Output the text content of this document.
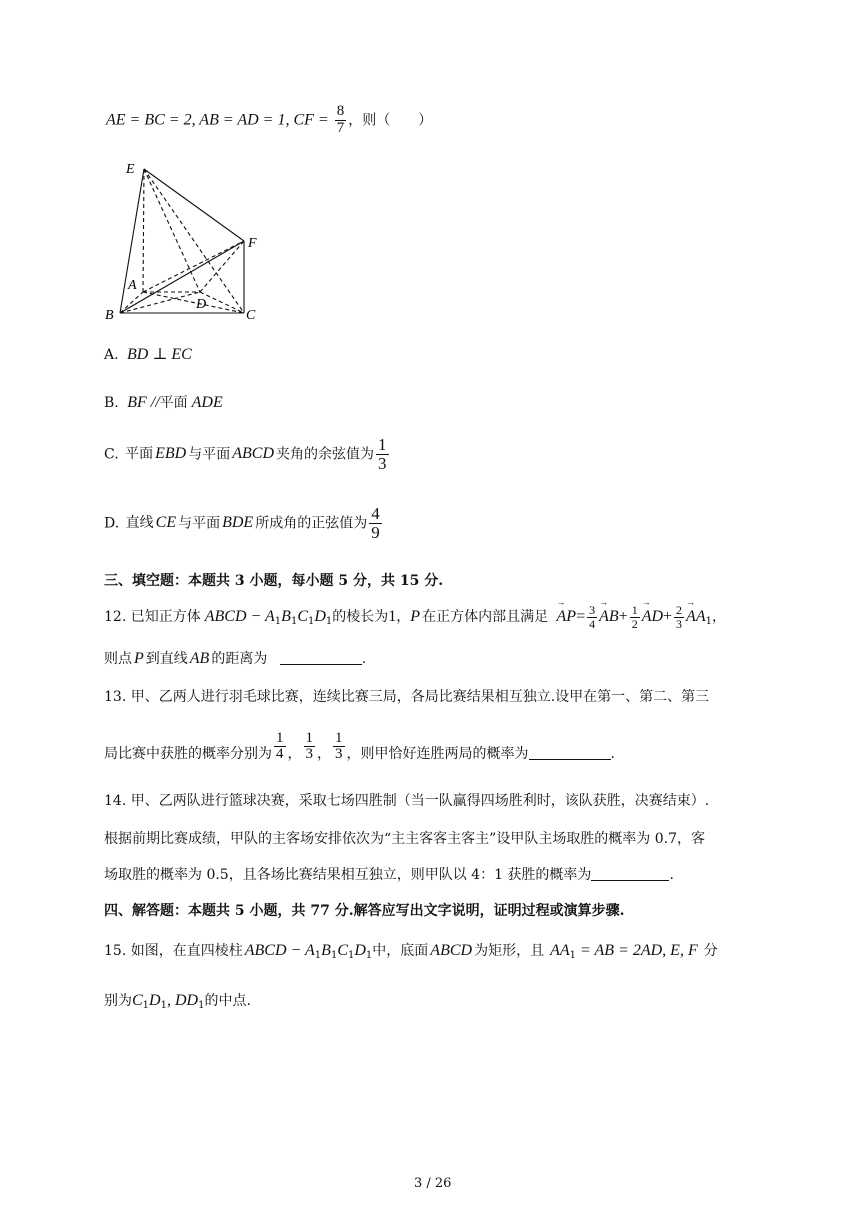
AE = BC = 2, AB = AD = 1, CF = $\frac{8}{7}$ ，则（　　）
E
F
A
D
B	C
A. BD ⊥ EC
B. BF //平面 ADE
C. 平面 EBD 与平面 ABCD 夹角的余弦值为 $\frac{1}{3}$
D. 直线 CE 与平面 BDE 所成角的正弦值为 $\frac{4}{9}$
三、填空题：本题共 3 小题，每小题 5 分，共 15 分.
12. 已知正方体 ABCD − $A_1B_1C_1D_1$的棱长为1，P 在正方体内部且满足
→
$AP= \frac{3}{4}$
→
$AB+ \frac{1}{2}$
→
$AD+ \frac{2}{3}$
→
$AA_1$，
则点 P 到直线 AB 的距离为	.
13. 甲、乙两人进行羽毛球比赛，连续比赛三局，各局比赛结果相互独立.设甲在第一、第二、第三
局比赛中获胜的概率分别为 $\frac{1}{4}$ ， $\frac{1}{3}$ ， $\frac{1}{3}$ ，则甲恰好连胜两局的概率为	.
14. 甲、乙两队进行篮球决赛，采取七场四胜制（当一队赢得四场胜利时，该队获胜，决赛结束）.
根据前期比赛成绩，甲队的主客场安排依次为“主主客客主客主”设甲队主场取胜的概率为 0.7，客
场取胜的概率为 0.5，且各场比赛结果相互独立，则甲队以 4：1 获胜的概率为	.
四、解答题：本题共 5 小题，共 77 分.解答应写出文字说明，证明过程或演算步骤.
15. 如图，在直四棱柱 ABCD − $A_1B_1C_1D_1$中，底面 ABCD 为矩形，且 $AA_1$ = AB = 2AD, E, F 分
别为$C_1D_1$, $DD_1$的中点.
3 / 26
